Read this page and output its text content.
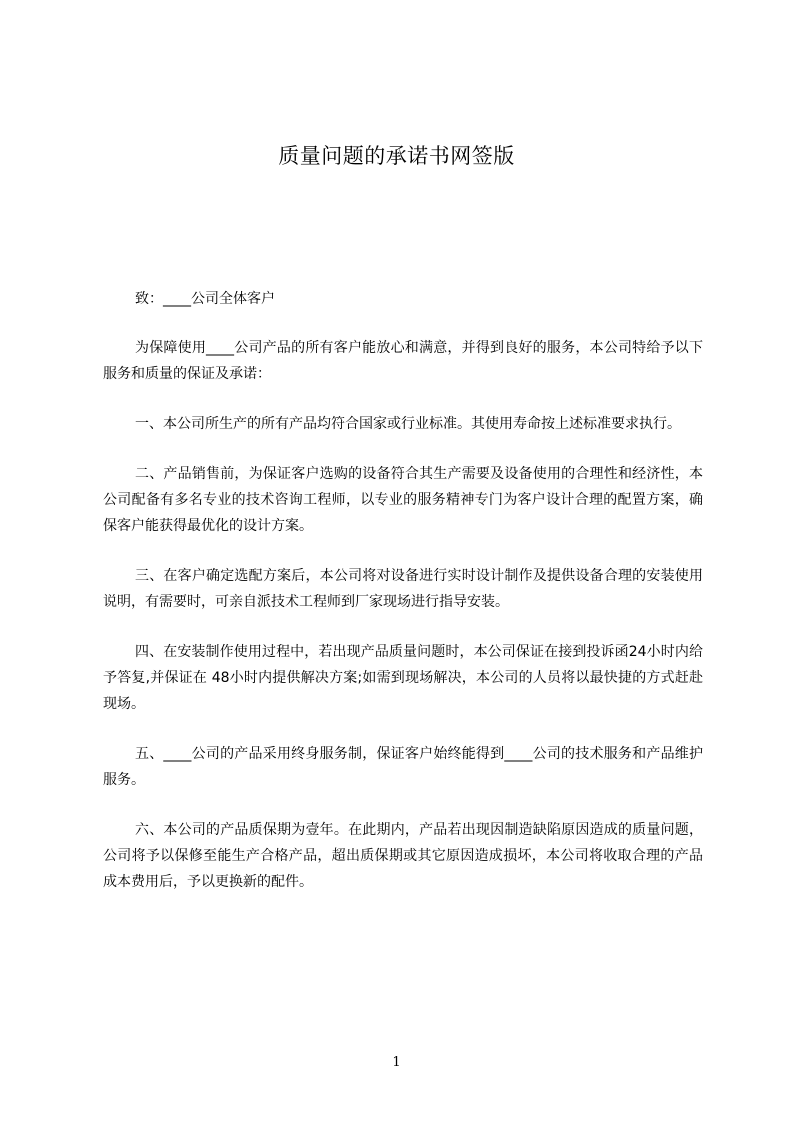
质量问题的承诺书网签版

致：____公司全体客户

为保障使用____公司产品的所有客户能放心和满意，并得到良好的服务，本公司特给予以下服务和质量的保证及承诺：

一、本公司所生产的所有产品均符合国家或行业标准。其使用寿命按上述标准要求执行。

二、产品销售前，为保证客户选购的设备符合其生产需要及设备使用的合理性和经济性，本公司配备有多名专业的技术咨询工程师，以专业的服务精神专门为客户设计合理的配置方案，确保客户能获得最优化的设计方案。

三、在客户确定选配方案后，本公司将对设备进行实时设计制作及提供设备合理的安装使用说明，有需要时，可亲自派技术工程师到厂家现场进行指导安装。

四、在安装制作使用过程中，若出现产品质量问题时，本公司保证在接到投诉函24小时内给予答复,并保证在 48小时内提供解决方案;如需到现场解决，本公司的人员将以最快捷的方式赶赴现场。

五、____公司的产品采用终身服务制，保证客户始终能得到____公司的技术服务和产品维护服务。

六、本公司的产品质保期为壹年。在此期内，产品若出现因制造缺陷原因造成的质量问题，公司将予以保修至能生产合格产品，超出质保期或其它原因造成损坏，本公司将收取合理的产品成本费用后，予以更换新的配件。

1
